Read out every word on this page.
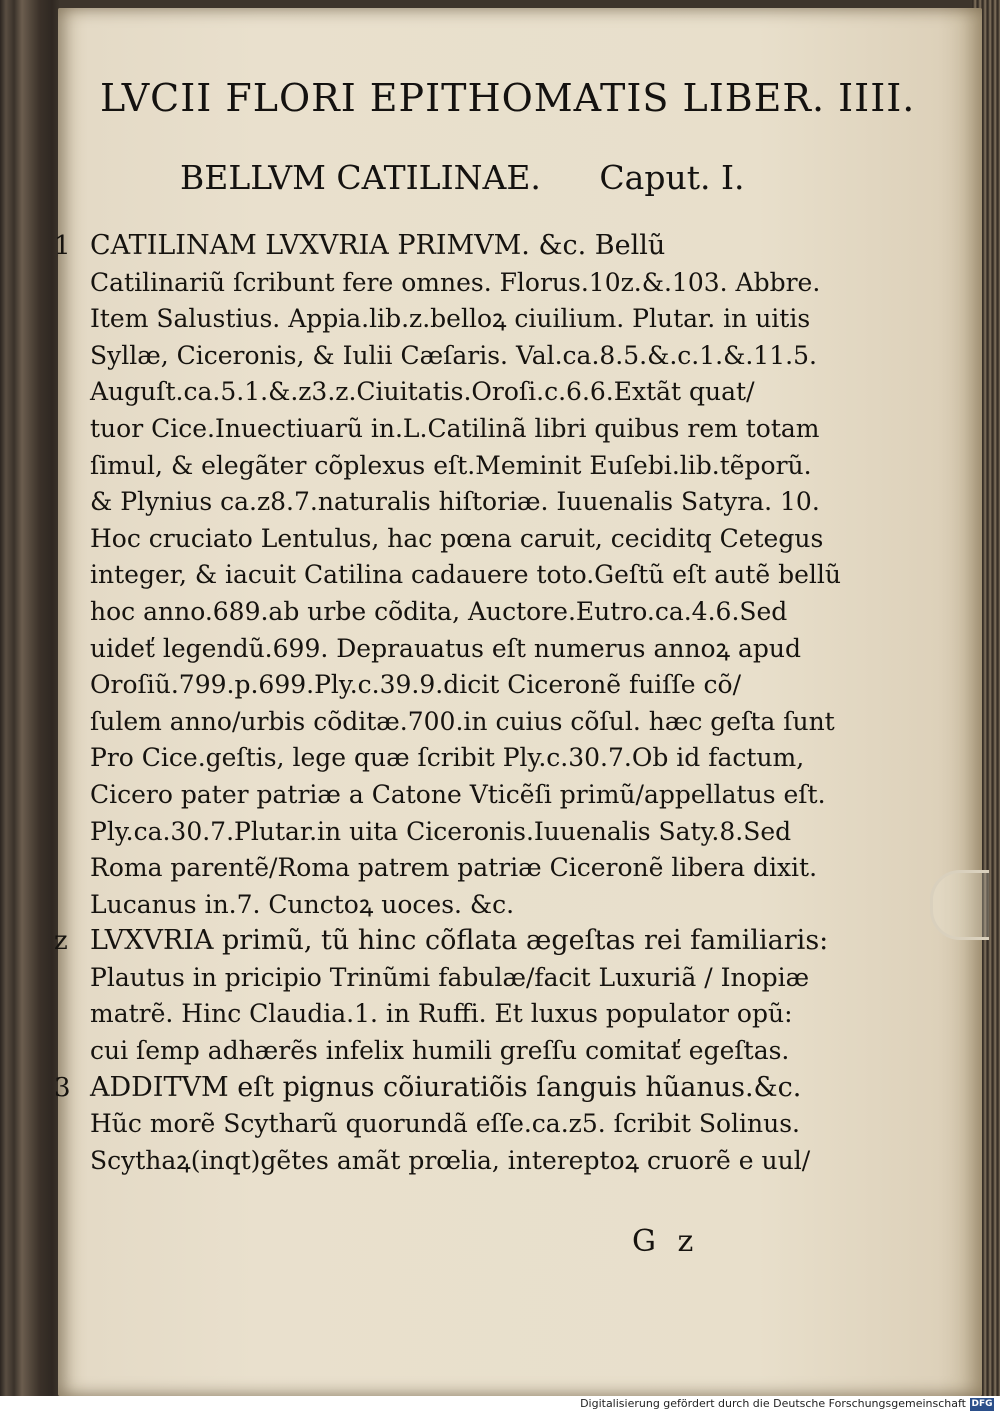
LVCII FLORI EPITHOMATIS LIBER. IIII.
BELLVM CATILINAE. Caput. I.
1 CATILINAM LVXVRIA PRIMVM. &c. Bellũ
Catilinariũ ſcribunt fere omnes. Florus.10z.&.103. Abbre.
Item Salustius. Appia.lib.z.belloꝝ ciuilium. Plutar. in uitis
Syllæ, Ciceronis, & Iulii Cæſaris. Val.ca.8.5.&.c.1.&.11.5.
Auguſt.ca.5.1.&.z3.z.Ciuitatis.Oroſi.c.6.6.Extãt quat/
tuor Cice.Inuectiuarũ in.L.Catilinã libri quibus rem totam
ſimul, & elegãter cõplexus eſt.Meminit Euſebi.lib.tẽporũ.
& Plynius ca.z8.7.naturalis hiſtoriæ. Iuuenalis Satyra. 10.
Hoc cruciato Lentulus, hac pœna caruit, ceciditq Cetegus
integer, & iacuit Catilina cadauere toto.Geſtũ eſt autẽ bellũ
hoc anno.689.ab urbe cõdita, Auctore.Eutro.ca.4.6.Sed
uideť legendũ.699. Deprauatus eſt numerus annoꝝ apud
Oroſiũ.799.p.699.Ply.c.39.9.dicit Ciceronẽ fuiſſe cõ/
ſulem anno/urbis cõditæ.700.in cuius cõſul. hæc geſta ſunt
Pro Cice.geſtis, lege quæ ſcribit Ply.c.30.7.Ob id factum,
Cicero pater patriæ a Catone Vticẽſi primũ/appellatus eſt.
Ply.ca.30.7.Plutar.in uita Ciceronis.Iuuenalis Saty.8.Sed
Roma parentẽ/Roma patrem patriæ Ciceronẽ libera dixit.
Lucanus in.7. Cunctoꝝ uoces. &c.
z LVXVRIA primũ, tũ hinc cõflata ægeſtas rei familiaris:
Plautus in pricipio Trinũmi fabulæ/facit Luxuriã / Inopiæ
matrẽ. Hinc Claudia.1. in Ruffi. Et luxus populator opũ:
cui ſemp adhærẽs infelix humili greſſu comitať egeſtas.
3 ADDITVM eſt pignus cõiuratiõis ſanguis hũanus.&c.
Hũc morẽ Scytharũ quorundã eſſe.ca.z5. ſcribit Solinus.
Scythaꝝ(inqt)gẽtes amãt prœlia, intereptoꝝ cruorẽ e uul/
G z
Digitalisierung gefördert durch die Deutsche Forschungsgemeinschaft DFG
